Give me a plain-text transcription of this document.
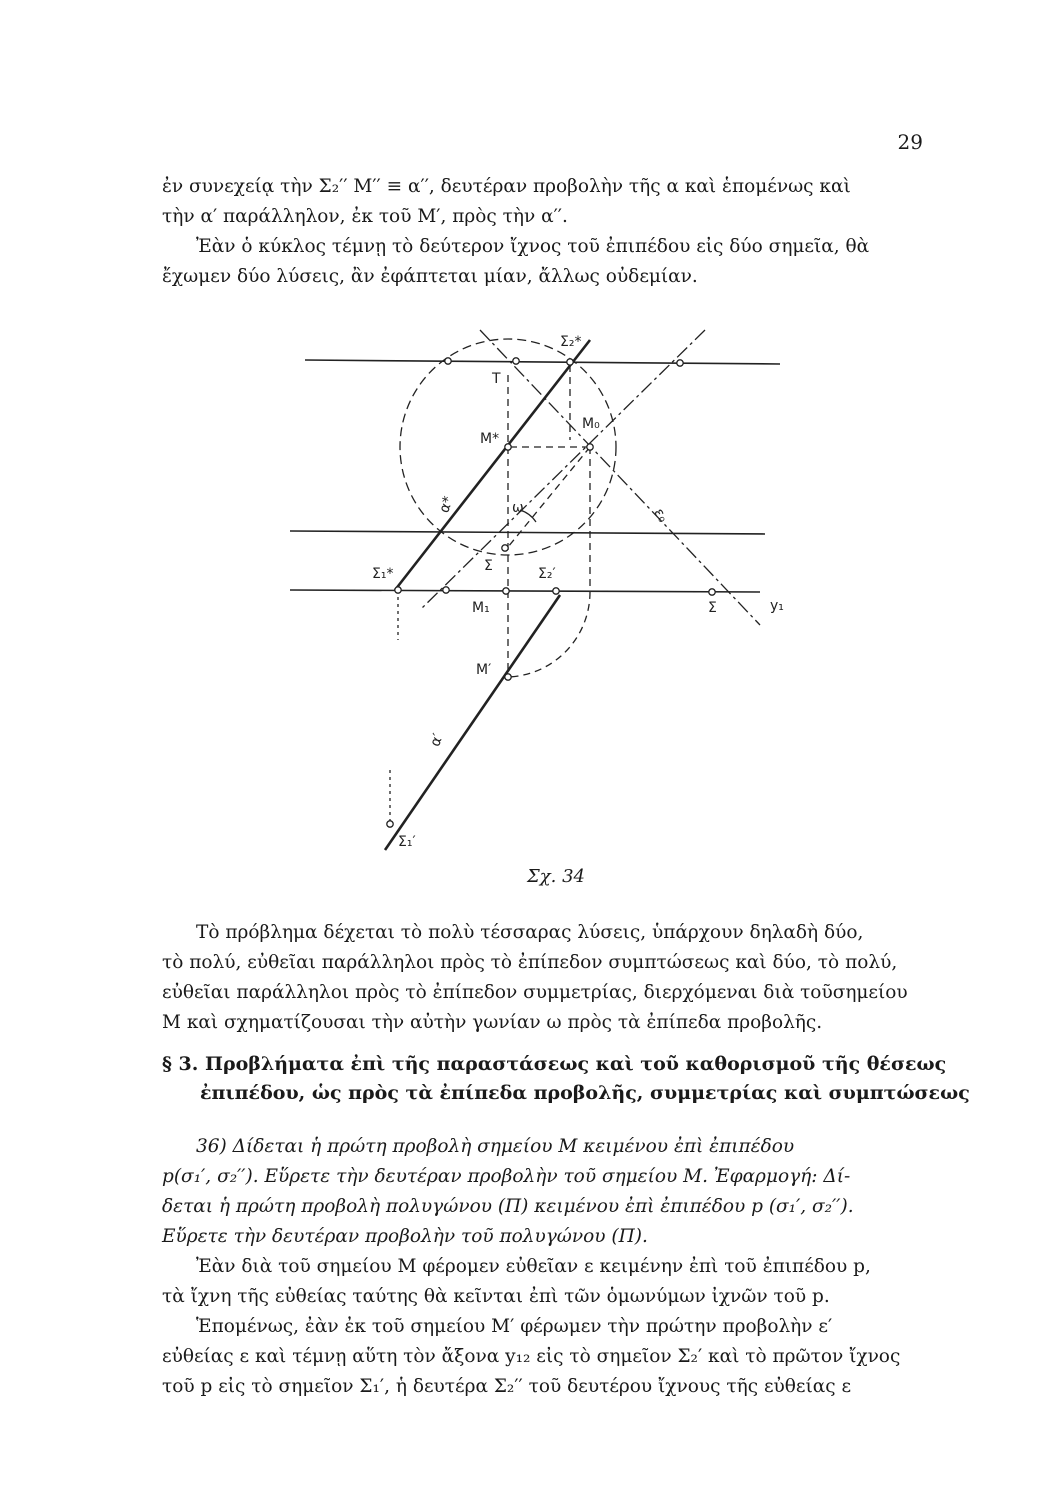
29
ἐν συνεχείᾳ τὴν Σ₂′′ M′′ ≡ α′′, δευτέραν προβολὴν τῆς α καὶ ἑπομένως καὶ
τὴν α′ παράλληλον, ἐκ τοῦ M′, πρὸς τὴν α′′.
Ἐὰν ὁ κύκλος τέμνῃ τὸ δεύτερον ἴχνος τοῦ ἐπιπέδου εἰς δύο σημεῖα, θὰ
ἔχωμεν δύο λύσεις, ἂν ἐφάπτεται μίαν, ἄλλως οὐδεμίαν.
Σ₂*
T
M*
M₀
α*	ω	ε₀
Σ₁*	Σ	Σ₂′
M₁	Σ	y₁
M′
α′
Σ₁′
Σχ. 34
Τὸ πρόβλημα δέχεται τὸ πολὺ τέσσαρας λύσεις, ὑπάρχουν δηλαδὴ δύο,
τὸ πολύ, εὐθεῖαι παράλληλοι πρὸς τὸ ἐπίπεδον συμπτώσεως καὶ δύο, τὸ πολύ,
εὐθεῖαι παράλληλοι πρὸς τὸ ἐπίπεδον συμμετρίας, διερχόμεναι διὰ τοῦσημείου
M καὶ σχηματίζουσαι τὴν αὐτὴν γωνίαν ω πρὸς τὰ ἐπίπεδα προβολῆς.
§ 3. Προβλήματα ἐπὶ τῆς παραστάσεως καὶ τοῦ καθορισμοῦ τῆς θέσεως
ἐπιπέδου, ὡς πρὸς τὰ ἐπίπεδα προβολῆς, συμμετρίας καὶ συμπτώσεως
36) Δίδεται ἡ πρώτη προβολὴ σημείου M κειμένου ἐπὶ ἐπιπέδου
p(σ₁′, σ₂′′). Εὕρετε τὴν δευτέραν προβολὴν τοῦ σημείου M. Ἐφαρμογή: Δί-
δεται ἡ πρώτη προβολὴ πολυγώνου (Π) κειμένου ἐπὶ ἐπιπέδου p (σ₁′, σ₂′′).
Εὕρετε τὴν δευτέραν προβολὴν τοῦ πολυγώνου (Π).
Ἐὰν διὰ τοῦ σημείου M φέρομεν εὐθεῖαν ε κειμένην ἐπὶ τοῦ ἐπιπέδου p,
τὰ ἴχνη τῆς εὐθείας ταύτης θὰ κεῖνται ἐπὶ τῶν ὁμωνύμων ἰχνῶν τοῦ p.
Ἑπομένως, ἐὰν ἐκ τοῦ σημείου M′ φέρωμεν τὴν πρώτην προβολὴν ε′
εὐθείας ε καὶ τέμνῃ αὕτη τὸν ἄξονα y₁₂ εἰς τὸ σημεῖον Σ₂′ καὶ τὸ πρῶτον ἴχνος
τοῦ p εἰς τὸ σημεῖον Σ₁′, ἡ δευτέρα Σ₂′′ τοῦ δευτέρου ἴχνους τῆς εὐθείας ε
